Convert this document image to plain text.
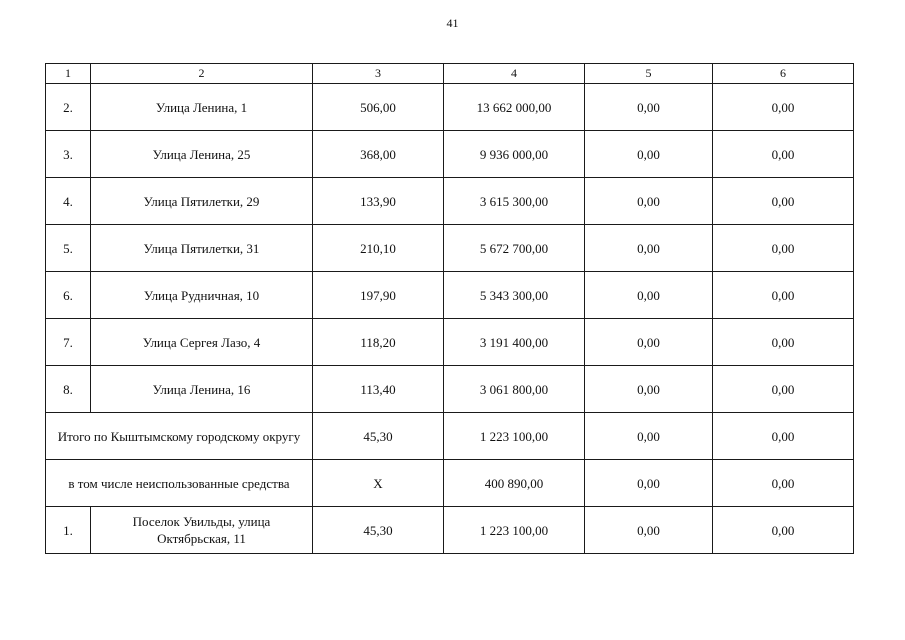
41
1	2	3	4	5	6
2.	Улица Ленина, 1	506,00	13 662 000,00	0,00	0,00
3.	Улица Ленина, 25	368,00	9 936 000,00	0,00	0,00
4.	Улица Пятилетки, 29	133,90	3 615 300,00	0,00	0,00
5.	Улица Пятилетки, 31	210,10	5 672 700,00	0,00	0,00
6.	Улица Рудничная, 10	197,90	5 343 300,00	0,00	0,00
7.	Улица Сергея Лазо, 4	118,20	3 191 400,00	0,00	0,00
8.	Улица Ленина, 16	113,40	3 061 800,00	0,00	0,00
Итого по Кыштымскому городскому округу		45,30	1 223 100,00	0,00	0,00
в том числе неиспользованные средства		Х	400 890,00	0,00	0,00
1.	Поселок Увильды, улица Октябрьская, 11	45,30	1 223 100,00	0,00	0,00
